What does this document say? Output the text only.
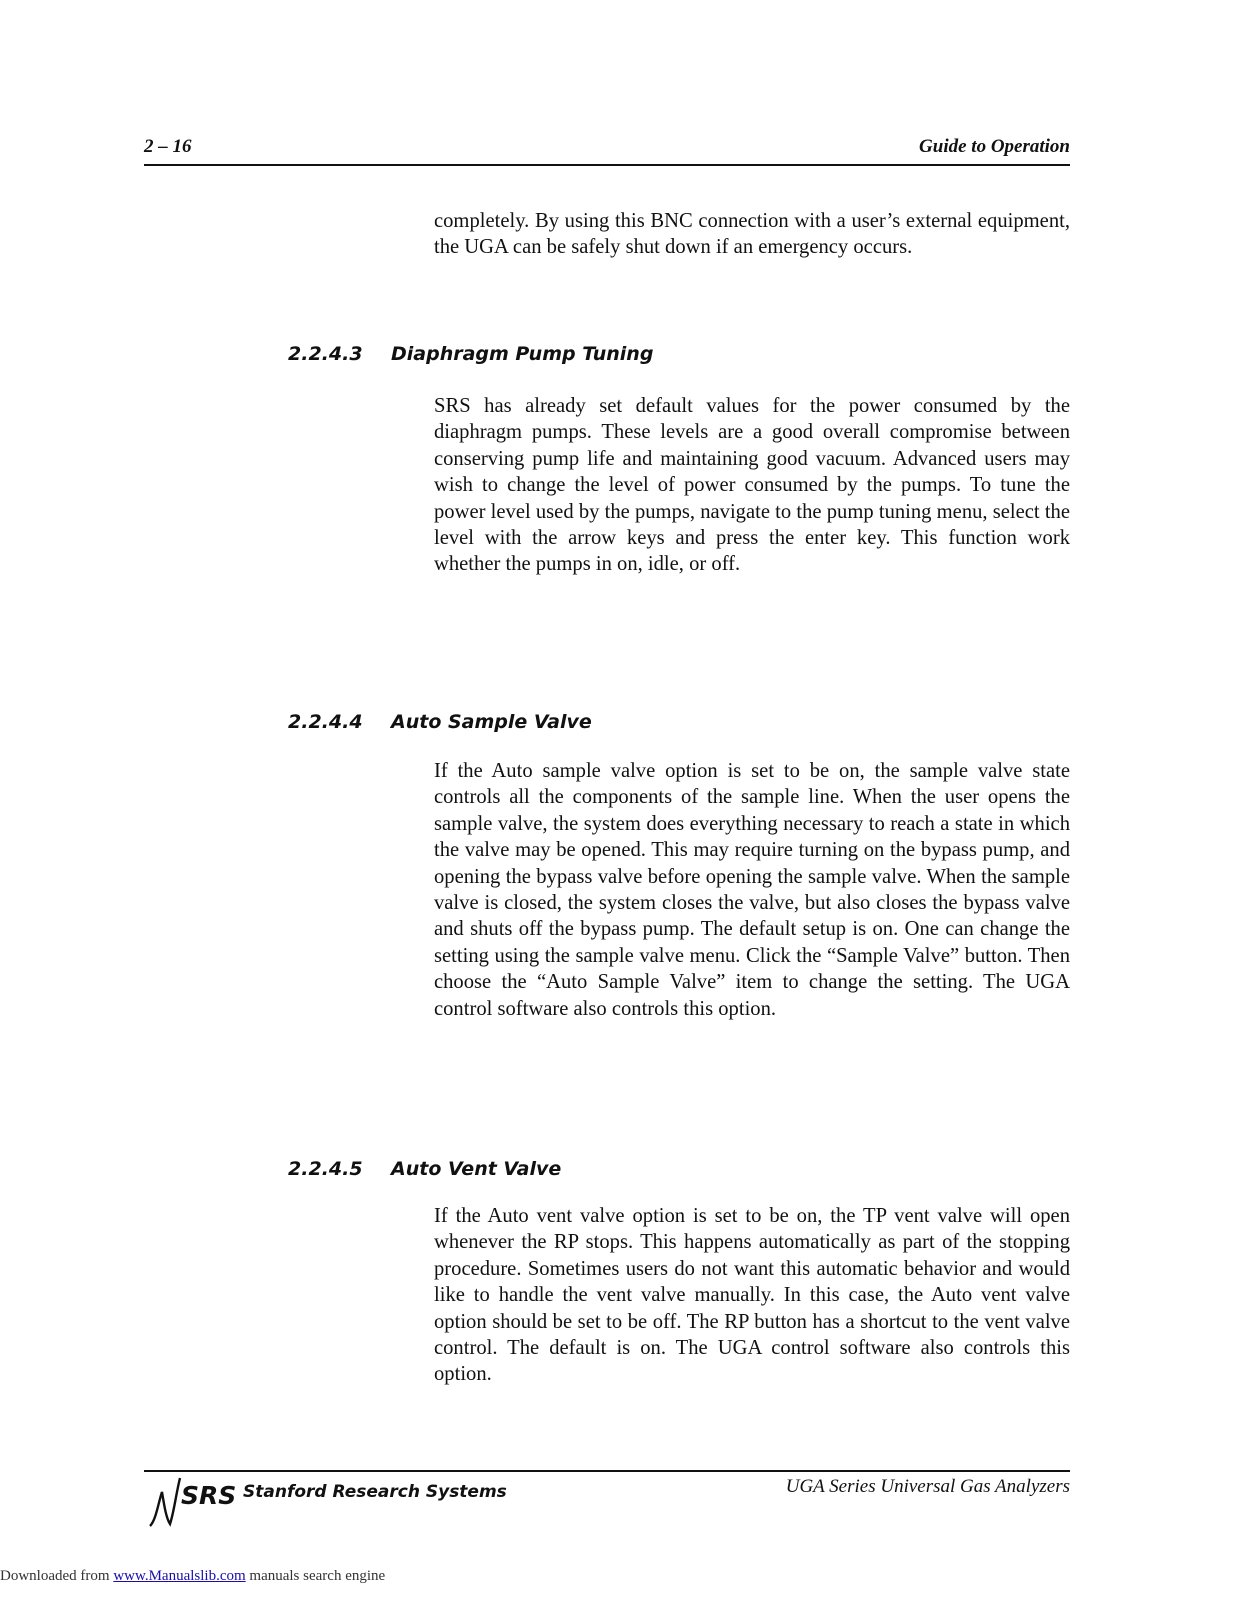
2 – 16	Guide to Operation
completely. By using this BNC connection with a user’s external equipment, the UGA can be safely shut down if an emergency occurs.
2.2.4.3 Diaphragm Pump Tuning
SRS has already set default values for the power consumed by the diaphragm pumps. These levels are a good overall compromise between conserving pump life and maintaining good vacuum. Advanced users may wish to change the level of power consumed by the pumps. To tune the power level used by the pumps, navigate to the pump tuning menu, select the level with the arrow keys and press the enter key. This function work whether the pumps in on, idle, or off.
2.2.4.4 Auto Sample Valve
If the Auto sample valve option is set to be on, the sample valve state controls all the components of the sample line. When the user opens the sample valve, the system does everything necessary to reach a state in which the valve may be opened. This may require turning on the bypass pump, and opening the bypass valve before opening the sample valve. When the sample valve is closed, the system closes the valve, but also closes the bypass valve and shuts off the bypass pump. The default setup is on. One can change the setting using the sample valve menu. Click the “Sample Valve” button. Then choose the “Auto Sample Valve” item to change the setting. The UGA control software also controls this option.
2.2.4.5 Auto Vent Valve
If the Auto vent valve option is set to be on, the TP vent valve will open whenever the RP stops. This happens automatically as part of the stopping procedure. Sometimes users do not want this automatic behavior and would like to handle the vent valve manually. In this case, the Auto vent valve option should be set to be off. The RP button has a shortcut to the vent valve control. The default is on. The UGA control software also controls this option.
SRS Stanford Research Systems	UGA Series Universal Gas Analyzers
Downloaded from www.Manualslib.com manuals search engine
